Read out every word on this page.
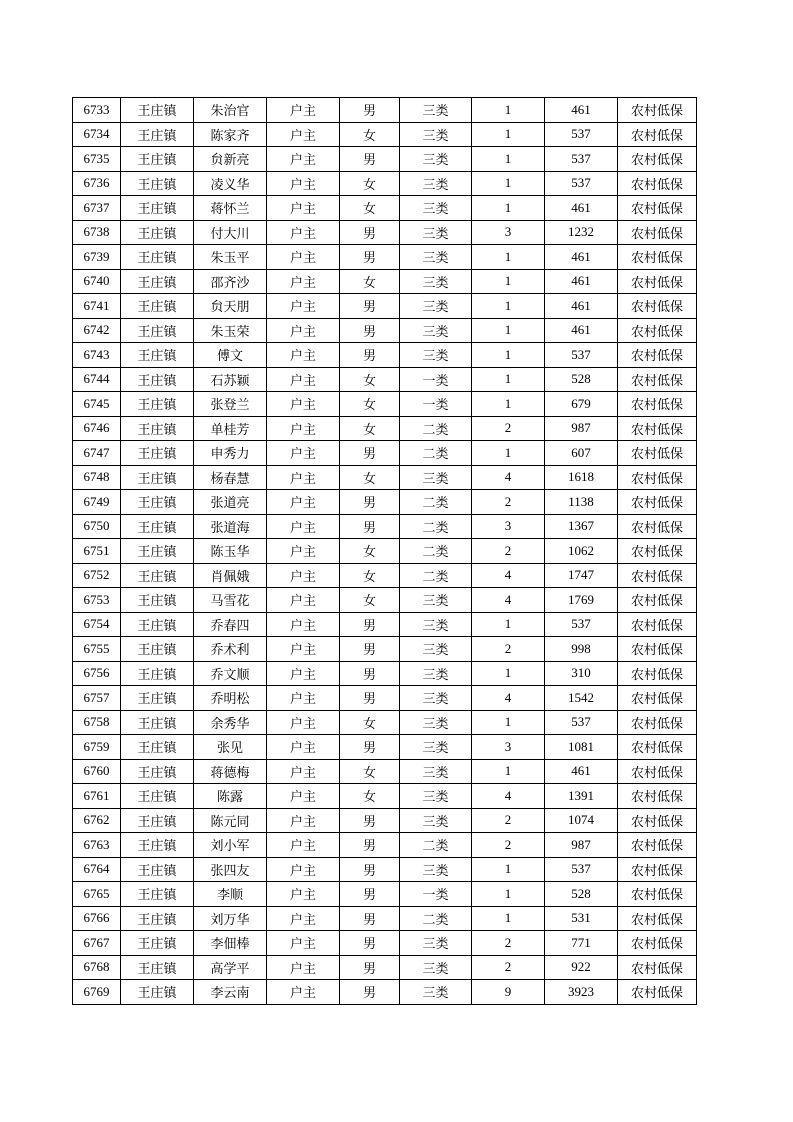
6733	王庄镇	朱治官	户主	男	三类	1	461	农村低保
6734	王庄镇	陈家齐	户主	女	三类	1	537	农村低保
6735	王庄镇	贠新亮	户主	男	三类	1	537	农村低保
6736	王庄镇	凌义华	户主	女	三类	1	537	农村低保
6737	王庄镇	蒋怀兰	户主	女	三类	1	461	农村低保
6738	王庄镇	付大川	户主	男	三类	3	1232	农村低保
6739	王庄镇	朱玉平	户主	男	三类	1	461	农村低保
6740	王庄镇	邵齐沙	户主	女	三类	1	461	农村低保
6741	王庄镇	贠天朋	户主	男	三类	1	461	农村低保
6742	王庄镇	朱玉荣	户主	男	三类	1	461	农村低保
6743	王庄镇	傅文	户主	男	三类	1	537	农村低保
6744	王庄镇	石苏颖	户主	女	一类	1	528	农村低保
6745	王庄镇	张登兰	户主	女	一类	1	679	农村低保
6746	王庄镇	单桂芳	户主	女	二类	2	987	农村低保
6747	王庄镇	申秀力	户主	男	二类	1	607	农村低保
6748	王庄镇	杨春慧	户主	女	三类	4	1618	农村低保
6749	王庄镇	张道亮	户主	男	二类	2	1138	农村低保
6750	王庄镇	张道海	户主	男	二类	3	1367	农村低保
6751	王庄镇	陈玉华	户主	女	二类	2	1062	农村低保
6752	王庄镇	肖佩娥	户主	女	二类	4	1747	农村低保
6753	王庄镇	马雪花	户主	女	三类	4	1769	农村低保
6754	王庄镇	乔春四	户主	男	三类	1	537	农村低保
6755	王庄镇	乔术利	户主	男	三类	2	998	农村低保
6756	王庄镇	乔文顺	户主	男	三类	1	310	农村低保
6757	王庄镇	乔明松	户主	男	三类	4	1542	农村低保
6758	王庄镇	余秀华	户主	女	三类	1	537	农村低保
6759	王庄镇	张见	户主	男	三类	3	1081	农村低保
6760	王庄镇	蒋德梅	户主	女	三类	1	461	农村低保
6761	王庄镇	陈露	户主	女	三类	4	1391	农村低保
6762	王庄镇	陈元同	户主	男	三类	2	1074	农村低保
6763	王庄镇	刘小军	户主	男	二类	2	987	农村低保
6764	王庄镇	张四友	户主	男	三类	1	537	农村低保
6765	王庄镇	李顺	户主	男	一类	1	528	农村低保
6766	王庄镇	刘万华	户主	男	二类	1	531	农村低保
6767	王庄镇	李佃棒	户主	男	三类	2	771	农村低保
6768	王庄镇	高学平	户主	男	三类	2	922	农村低保
6769	王庄镇	李云南	户主	男	三类	9	3923	农村低保
